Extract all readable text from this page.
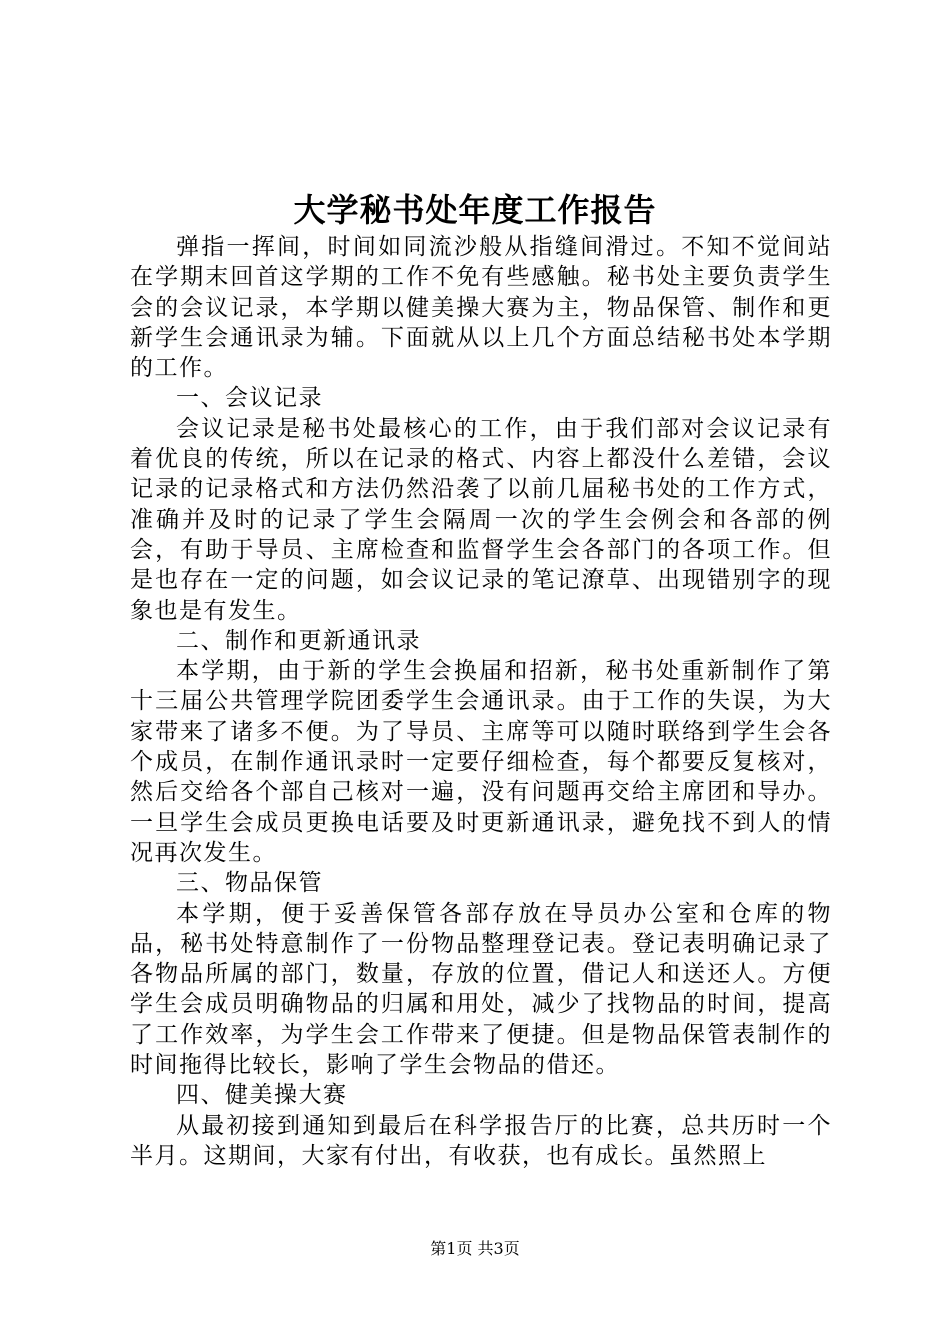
大学秘书处年度工作报告

弹指一挥间，时间如同流沙般从指缝间滑过。不知不觉间站在学期末回首这学期的工作不免有些感触。秘书处主要负责学生会的会议记录，本学期以健美操大赛为主，物品保管、制作和更新学生会通讯录为辅。下面就从以上几个方面总结秘书处本学期的工作。

一、会议记录

会议记录是秘书处最核心的工作，由于我们部对会议记录有着优良的传统，所以在记录的格式、内容上都没什么差错，会议记录的记录格式和方法仍然沿袭了以前几届秘书处的工作方式，准确并及时的记录了学生会隔周一次的学生会例会和各部的例会，有助于导员、主席检查和监督学生会各部门的各项工作。但是也存在一定的问题，如会议记录的笔记潦草、出现错别字的现象也是有发生。

二、制作和更新通讯录

本学期，由于新的学生会换届和招新，秘书处重新制作了第十三届公共管理学院团委学生会通讯录。由于工作的失误，为大家带来了诸多不便。为了导员、主席等可以随时联络到学生会各个成员，在制作通讯录时一定要仔细检查，每个都要反复核对，然后交给各个部自己核对一遍，没有问题再交给主席团和导办。一旦学生会成员更换电话要及时更新通讯录，避免找不到人的情况再次发生。

三、物品保管

本学期，便于妥善保管各部存放在导员办公室和仓库的物品，秘书处特意制作了一份物品整理登记表。登记表明确记录了各物品所属的部门，数量，存放的位置，借记人和送还人。方便学生会成员明确物品的归属和用处，减少了找物品的时间，提高了工作效率，为学生会工作带来了便捷。但是物品保管表制作的时间拖得比较长，影响了学生会物品的借还。

四、健美操大赛

从最初接到通知到最后在科学报告厅的比赛，总共历时一个半月。这期间，大家有付出，有收获，也有成长。虽然照上

第1页 共3页
